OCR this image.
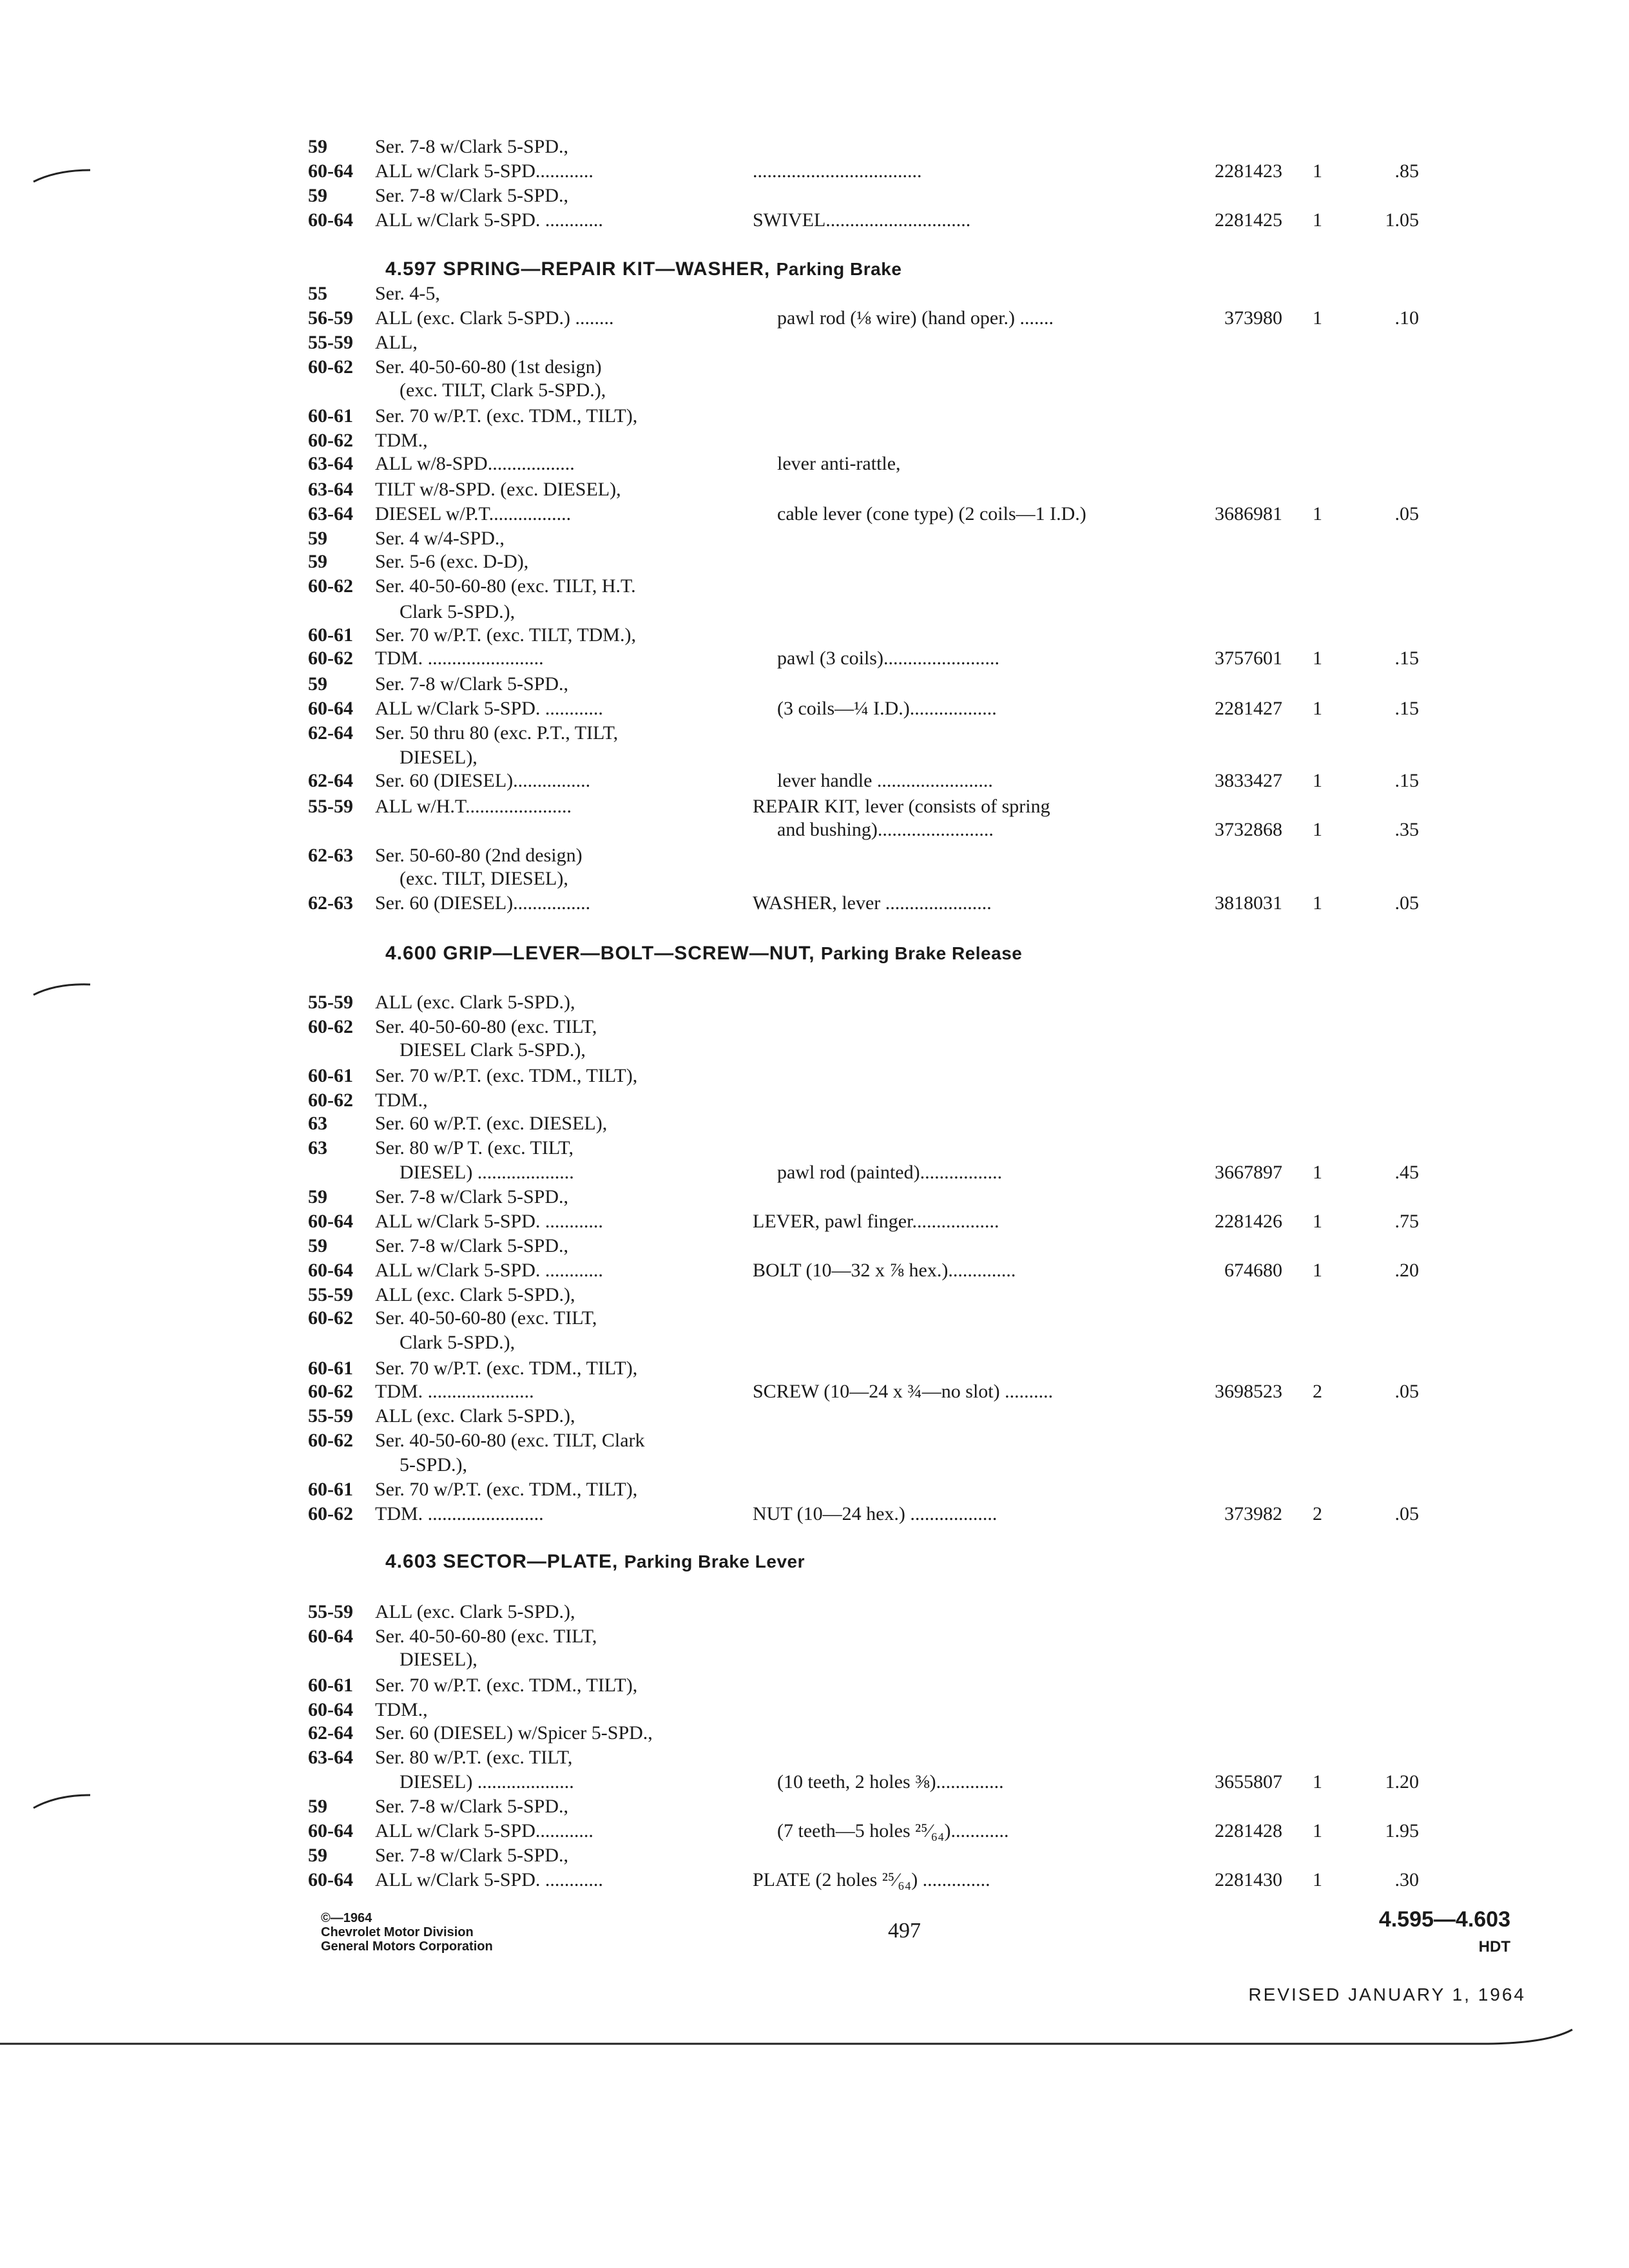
59 Ser. 7-8 w/Clark 5-SPD.,
60-64 ALL w/Clark 5-SPD............	...................................	2281423 1	.85
59 Ser. 7-8 w/Clark 5-SPD.,
60-64 ALL w/Clark 5-SPD. ............	SWIVEL..............................	2281425 1	1.05
55 Ser. 4-5,
56-59 ALL (exc. Clark 5-SPD.) ........	pawl rod (⅛ wire) (hand oper.) .......	373980 1	.10
55-59 ALL,
60-62 Ser. 40-50-60-80 (1st design)
(exc. TILT, Clark 5-SPD.),
60-61 Ser. 70 w/P.T. (exc. TDM., TILT),
60-62 TDM.,
63-64 ALL w/8-SPD..................	lever anti-rattle,
63-64 TILT w/8-SPD. (exc. DIESEL),
63-64 DIESEL w/P.T.................	cable lever (cone type) (2 coils—1 I.D.)	3686981 1	.05
59 Ser. 4 w/4-SPD.,
59 Ser. 5-6 (exc. D-D),
60-62 Ser. 40-50-60-80 (exc. TILT, H.T.
Clark 5-SPD.),
60-61 Ser. 70 w/P.T. (exc. TILT, TDM.),
60-62 TDM. ........................	pawl (3 coils)........................	3757601 1	.15
59 Ser. 7-8 w/Clark 5-SPD.,
60-64 ALL w/Clark 5-SPD. ............	(3 coils—¼ I.D.)..................	2281427 1	.15
62-64 Ser. 50 thru 80 (exc. P.T., TILT,
DIESEL),
62-64 Ser. 60 (DIESEL)................	lever handle ........................	3833427 1	.15
55-59 ALL w/H.T......................	REPAIR KIT, lever (consists of spring
and bushing)........................	3732868 1	.35
62-63 Ser. 50-60-80 (2nd design)
(exc. TILT, DIESEL),
62-63 Ser. 60 (DIESEL)................	WASHER, lever ......................	3818031 1	.05
55-59 ALL (exc. Clark 5-SPD.),
60-62 Ser. 40-50-60-80 (exc. TILT,
DIESEL Clark 5-SPD.),
60-61 Ser. 70 w/P.T. (exc. TDM., TILT),
60-62 TDM.,
63 Ser. 60 w/P.T. (exc. DIESEL),
63 Ser. 80 w/P T. (exc. TILT,
DIESEL) ....................	pawl rod (painted).................	3667897 1	.45
59 Ser. 7-8 w/Clark 5-SPD.,
60-64 ALL w/Clark 5-SPD. ............	LEVER, pawl finger..................	2281426 1	.75
59 Ser. 7-8 w/Clark 5-SPD.,
60-64 ALL w/Clark 5-SPD. ............	BOLT (10—32 x ⅞ hex.)..............	674680 1	.20
55-59 ALL (exc. Clark 5-SPD.),
60-62 Ser. 40-50-60-80 (exc. TILT,
Clark 5-SPD.),
60-61 Ser. 70 w/P.T. (exc. TDM., TILT),
60-62 TDM. ......................	SCREW (10—24 x ¾—no slot) ..........	3698523 2	.05
55-59 ALL (exc. Clark 5-SPD.),
60-62 Ser. 40-50-60-80 (exc. TILT, Clark
5-SPD.),
60-61 Ser. 70 w/P.T. (exc. TDM., TILT),
60-62 TDM. ........................	NUT (10—24 hex.) ..................	373982 2	.05
55-59 ALL (exc. Clark 5-SPD.),
60-64 Ser. 40-50-60-80 (exc. TILT,
DIESEL),
60-61 Ser. 70 w/P.T. (exc. TDM., TILT),
60-64 TDM.,
62-64 Ser. 60 (DIESEL) w/Spicer 5-SPD.,
63-64 Ser. 80 w/P.T. (exc. TILT,
DIESEL) ....................	(10 teeth, 2 holes ⅜)..............	3655807 1	1.20
59 Ser. 7-8 w/Clark 5-SPD.,
60-64 ALL w/Clark 5-SPD............	(7 teeth—5 holes ²⁵⁄₆₄)............	2281428 1	1.95
59 Ser. 7-8 w/Clark 5-SPD.,
60-64 ALL w/Clark 5-SPD. ............	PLATE (2 holes ²⁵⁄₆₄) ..............	2281430 1	.30
4.597 SPRING—REPAIR KIT—WASHER, Parking Brake
4.600 GRIP—LEVER—BOLT—SCREW—NUT, Parking Brake Release
4.603 SECTOR—PLATE, Parking Brake Lever
©—1964
Chevrolet Motor Division
General Motors Corporation
497	4.595—4.603
HDT
REVISED JANUARY 1, 1964
